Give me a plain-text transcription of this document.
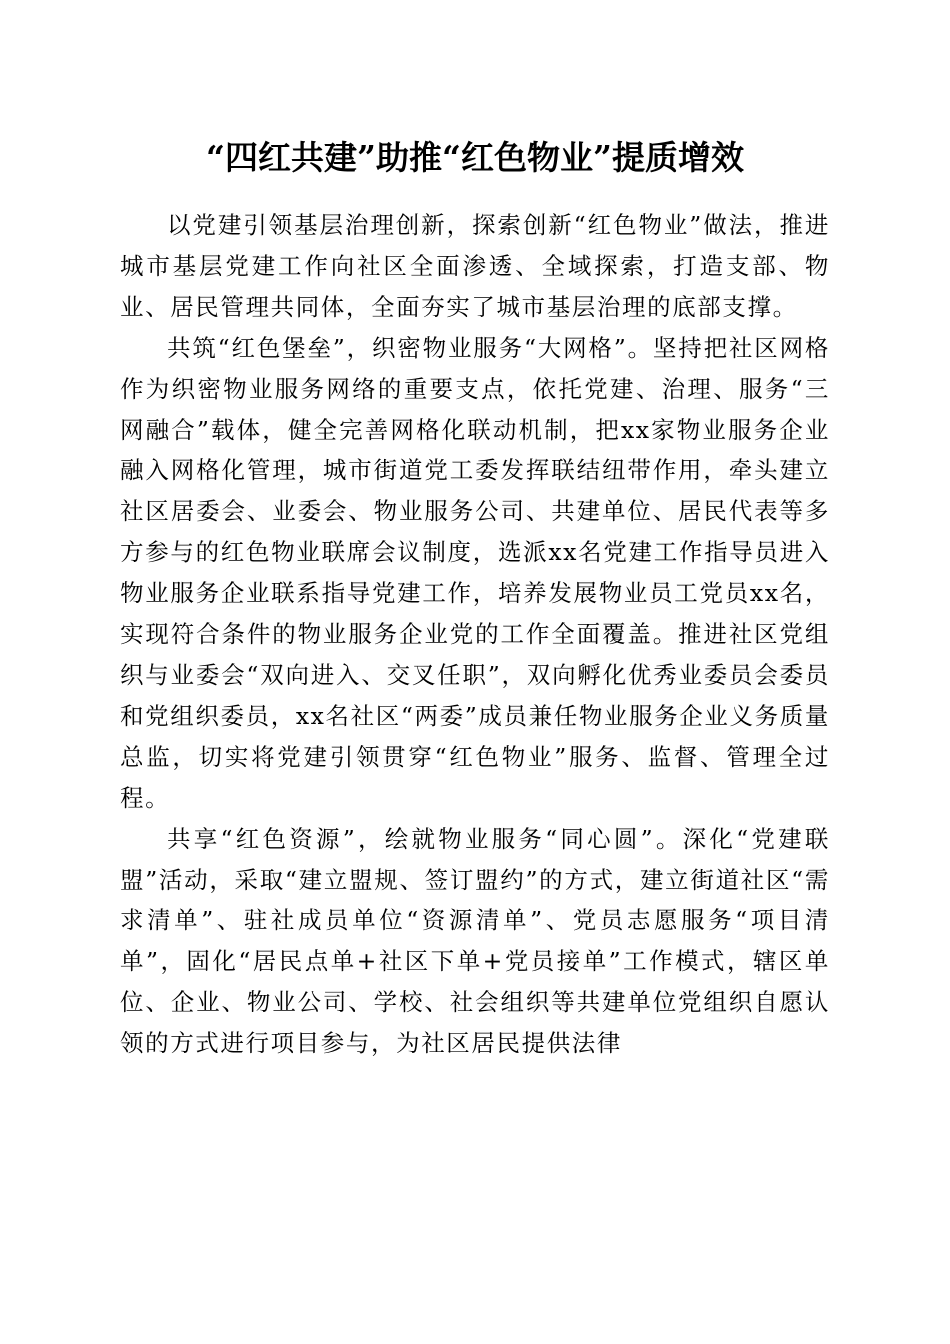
“四红共建”助推“红色物业”提质增效

以党建引领基层治理创新，探索创新“红色物业”做法，推进城市基层党建工作向社区全面渗透、全域探索，打造支部、物业、居民管理共同体，全面夯实了城市基层治理的底部支撑。

共筑“红色堡垒”，织密物业服务“大网格”。坚持把社区网格作为织密物业服务网络的重要支点，依托党建、治理、服务“三网融合”载体，健全完善网格化联动机制，把xx家物业服务企业融入网格化管理，城市街道党工委发挥联结纽带作用，牵头建立社区居委会、业委会、物业服务公司、共建单位、居民代表等多方参与的红色物业联席会议制度，选派xx名党建工作指导员进入物业服务企业联系指导党建工作，培养发展物业员工党员xx名，实现符合条件的物业服务企业党的工作全面覆盖。推进社区党组织与业委会“双向进入、交叉任职”，双向孵化优秀业委员会委员和党组织委员，xx名社区“两委”成员兼任物业服务企业义务质量总监，切实将党建引领贯穿“红色物业”服务、监督、管理全过程。

共享“红色资源”，绘就物业服务“同心圆”。深化“党建联盟”活动，采取“建立盟规、签订盟约”的方式，建立街道社区“需求清单”、驻社成员单位“资源清单”、党员志愿服务“项目清单”，固化“居民点单+社区下单+党员接单”工作模式，辖区单位、企业、物业公司、学校、社会组织等共建单位党组织自愿认领的方式进行项目参与，为社区居民提供法律
